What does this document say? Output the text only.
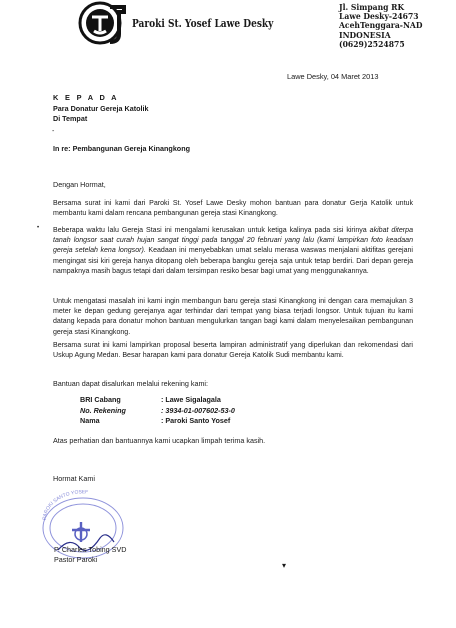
Paroki St. Yosef Lawe Desky
Jl. Simpang RK
Lawe Desky-24673
AcehTenggara-NAD
INDONESIA
(0629)2524875
Lawe Desky, 04 Maret 2013
K E P A D A
Para Donatur Gereja Katolik
Di Tempat
-
In re: Pembangunan Gereja Kinangkong
Dengan Hormat,
Bersama surat ini kami dari Paroki St. Yosef Lawe Desky mohon bantuan para donatur Gerja Katolik untuk membantu kami dalam rencana pembangunan gereja stasi Kinangkong.
Beberapa waktu lalu Gereja Stasi ini mengalami kerusakan untuk ketiga kalinya pada sisi kirinya akibat diterpa tanah longsor saat curah hujan sangat tinggi pada tanggal 20 februari yang lalu (kami lampirkan foto keadaan gereja setelah kena longsor). Keadaan ini menyebabkan umat selalu merasa waswas menjalani aktifitas gerejani mengingat sisi kiri gereja hanya ditopang oleh beberapa bangku gereja saja untuk tetap berdiri. Dari depan gereja nampaknya masih bagus tetapi dari dalam tersimpan resiko besar bagi umat yang menggunakannya.
Untuk mengatasi masalah ini kami ingin membangun baru gereja stasi Kinangkong ini dengan cara memajukan 3 meter ke depan gedung gerejanya agar terhindar dari tempat yang biasa terjadi longsor. Untuk tujuan itu kami datang kepada para donatur mohon bantuan mengulurkan tangan bagi kami dalam menyelesaikan pembangunan gereja stasi Kinangkong.
Bersama surat ini kami lampirkan proposal beserta lampiran administratif yang diperlukan dan rekomendasi dari Uskup Agung Medan. Besar harapan kami para donatur Gereja Katolik Sudi membantu kami.
Bantuan dapat disalurkan melalui rekening kami:
BRI Cabang	: Lawe Sigalagala
No. Rekening	: 3934-01-007602-53-0
Nama	: Paroki Santo Yosef
Atas perhatian dan bantuannya kami ucapkan limpah terima kasih.
Hormat Kami
PAROKI SANTO YOSEF
P. Charles Tobing SVD
Pastor Paroki
•
▾
